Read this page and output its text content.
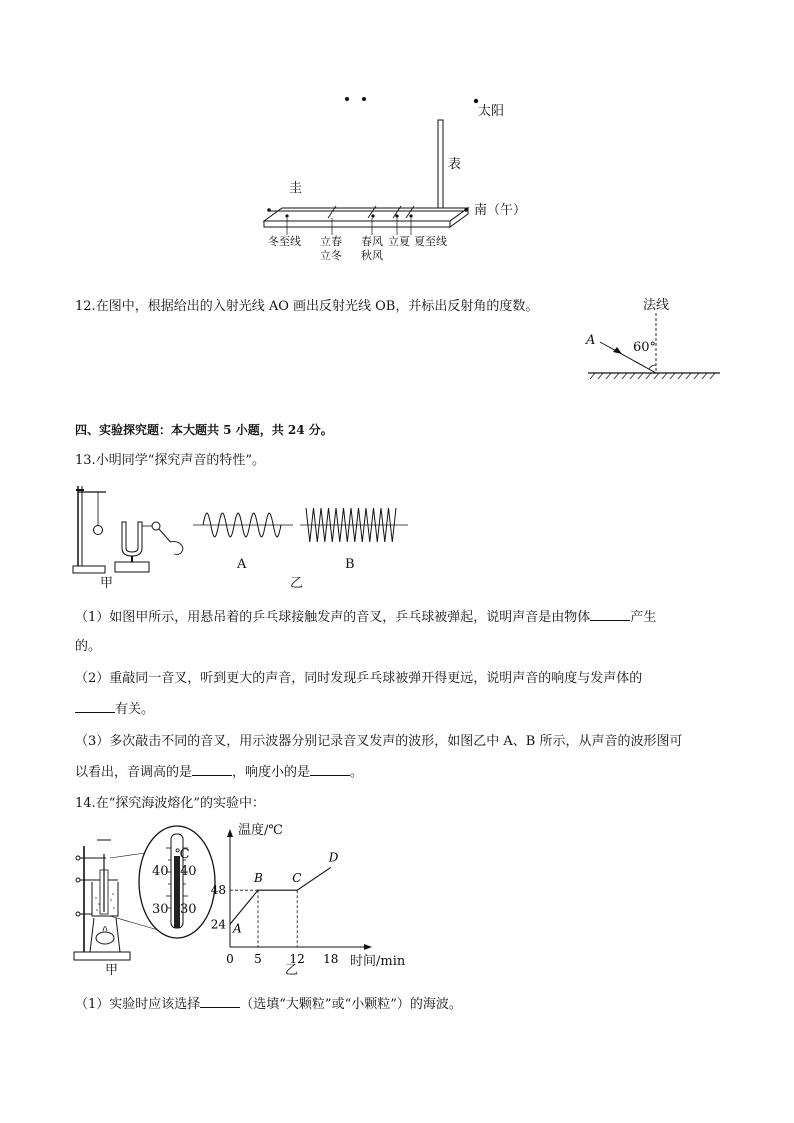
太阳
表
圭
南（午）
冬至线 立春
立冬
春风
秋风
立夏 夏至线
12.在图中，根据给出的入射光线 AO 画出反射光线 OB，并标出反射角的度数。	法线
A	60°
四、实验探究题：本大题共 5 小题，共 24 分。
13.小明同学“探究声音的特性”。
甲
A	B
乙
（1）如图甲所示，用悬吊着的乒乓球接触发声的音叉，乒乓球被弹起，说明声音是由物体	产生
的。
（2）重敲同一音叉，听到更大的声音，同时发现乒乓球被弹开得更远，说明声音的响度与发声体的
有关。
（3）多次敲击不同的音叉，用示波器分别记录音叉发声的波形，如图乙中 A、B 所示，从声音的波形图可
以看出，音调高的是	，响度小的是	。
14.在“探究海波熔化”的实验中：
℃
40 40
30 30
甲
0 5 12 18
24
48
A
B C
D
温度/℃
时间/min
乙
（1）实验时应该选择	（选填“大颗粒”或“小颗粒”）的海波。
